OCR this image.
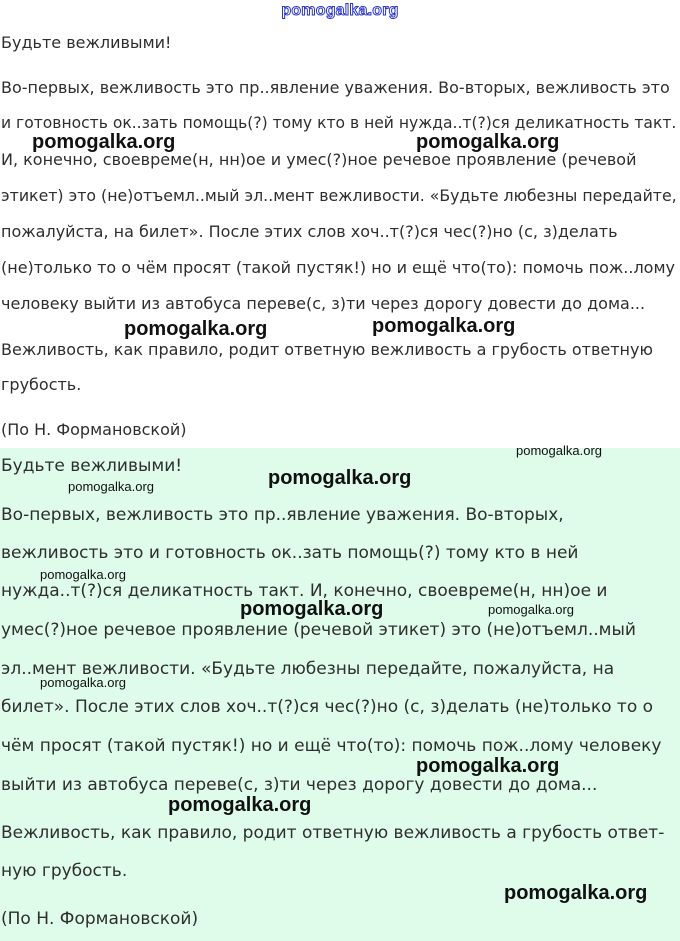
pomogalka.org
Будьте вежливыми!
Во-первых, вежливость это пр..явление уважения. Во-вторых, вежливость это
и готовность ок..зать помощь(?) тому кто в ней нужда..т(?)ся деликатность такт.
И, конечно, своевреме(н, нн)ое и умес(?)ное речевое проявление (речевой
этикет) это (не)отъемл..мый эл..мент вежливости. «Будьте любезны передайте,
пожалуйста, на билет». После этих слов хоч..т(?)ся чес(?)но (с, з)делать
(не)только то о чём просят (такой пустяк!) но и ещё что(то): помочь пож..лому
человеку выйти из автобуса переве(с, з)ти через дорогу довести до дома...
Вежливость, как правило, родит ответную вежливость а грубость ответную
грубость.
(По Н. Формановской)
pomogalka.org	pomogalka.org
pomogalka.org	pomogalka.org
Будьте вежливыми!
Во-первых, вежливость это пр..явление уважения. Во-вторых,
вежливость это и готовность ок..зать помощь(?) тому кто в ней
нужда..т(?)ся деликатность такт. И, конечно, своевреме(н, нн)ое и
умес(?)ное речевое проявление (речевой этикет) это (не)отъемл..мый
эл..мент вежливости. «Будьте любезны передайте, пожалуйста, на
билет». После этих слов хоч..т(?)ся чес(?)но (с, з)делать (не)только то о
чём просят (такой пустяк!) но и ещё что(то): помочь пож..лому человеку
выйти из автобуса переве(с, з)ти через дорогу довести до дома...
Вежливость, как правило, родит ответную вежливость а грубость ответ-
ную грубость.
(По Н. Формановской)
pomogalka.org
pomogalka.org
pomogalka.org
pomogalka.org
pomogalka.org	pomogalka.org
pomogalka.org
pomogalka.org
pomogalka.org
pomogalka.org
